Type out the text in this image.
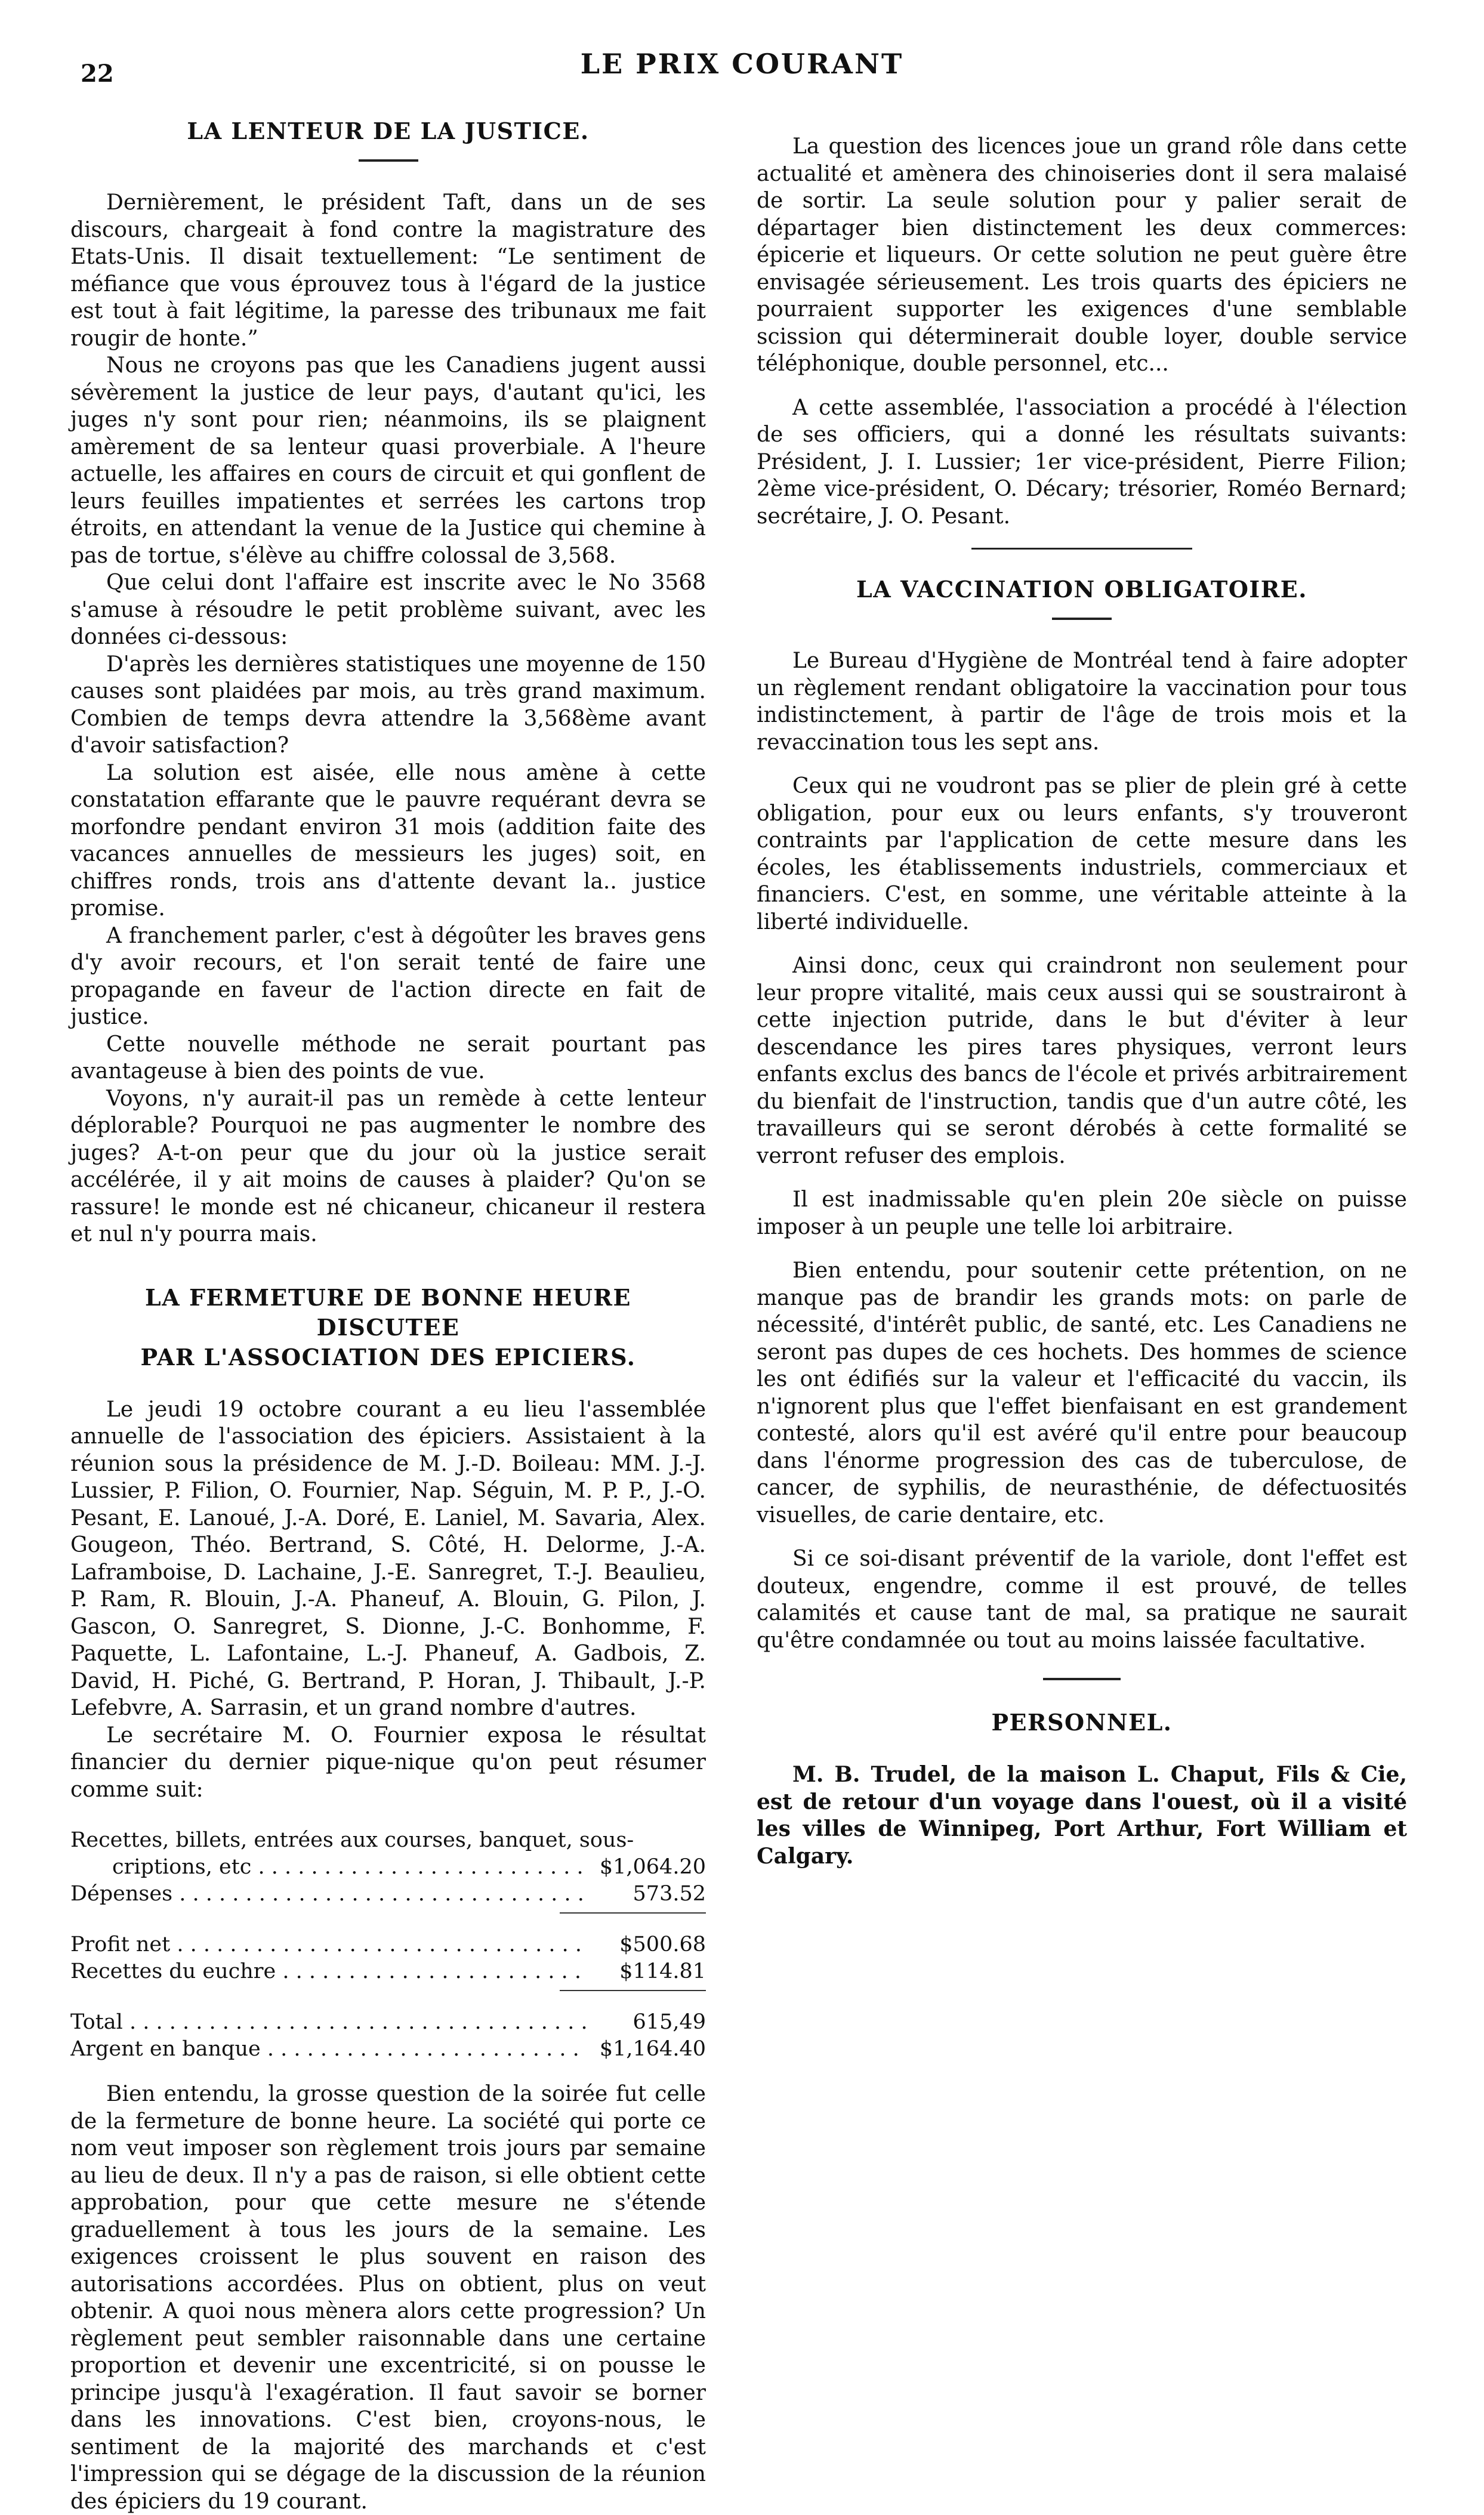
22	LE PRIX COURANT
LA LENTEUR DE LA JUSTICE.

Dernièrement, le président Taft, dans un de ses discours, chargeait à fond contre la magistrature des Etats-Unis. Il disait textuellement: “Le sentiment de méfiance que vous éprouvez tous à l'égard de la justice est tout à fait légitime, la paresse des tribunaux me fait rougir de honte.”

Nous ne croyons pas que les Canadiens jugent aussi sévèrement la justice de leur pays, d'autant qu'ici, les juges n'y sont pour rien; néanmoins, ils se plaignent amèrement de sa lenteur quasi proverbiale. A l'heure actuelle, les affaires en cours de circuit et qui gonflent de leurs feuilles impatientes et serrées les cartons trop étroits, en attendant la venue de la Justice qui chemine à pas de tortue, s'élève au chiffre colossal de 3,568.

Que celui dont l'affaire est inscrite avec le No 3568 s'amuse à résoudre le petit problème suivant, avec les données ci-dessous:

D'après les dernières statistiques une moyenne de 150 causes sont plaidées par mois, au très grand maximum. Combien de temps devra attendre la 3,568ème avant d'avoir satisfaction?

La solution est aisée, elle nous amène à cette constatation effarante que le pauvre requérant devra se morfondre pendant environ 31 mois (addition faite des vacances annuelles de messieurs les juges) soit, en chiffres ronds, trois ans d'attente devant la.. justice promise.

A franchement parler, c'est à dégoûter les braves gens d'y avoir recours, et l'on serait tenté de faire une propagande en faveur de l'action directe en fait de justice.

Cette nouvelle méthode ne serait pourtant pas avantageuse à bien des points de vue.

Voyons, n'y aurait-il pas un remède à cette lenteur déplorable? Pourquoi ne pas augmenter le nombre des juges? A-t-on peur que du jour où la justice serait accélérée, il y ait moins de causes à plaider? Qu'on se rassure! le monde est né chicaneur, chicaneur il restera et nul n'y pourra mais.

LA FERMETURE DE BONNE HEURE DISCUTEE
PAR L'ASSOCIATION DES EPICIERS.

Le jeudi 19 octobre courant a eu lieu l'assemblée annuelle de l'association des épiciers. Assistaient à la réunion sous la présidence de M. J.-D. Boileau: MM. J.-J. Lussier, P. Filion, O. Fournier, Nap. Séguin, M. P. P., J.-O. Pesant, E. Lanoué, J.-A. Doré, E. Laniel, M. Savaria, Alex. Gougeon, Théo. Bertrand, S. Côté, H. Delorme, J.-A. Laframboise, D. Lachaine, J.-E. Sanregret, T.-J. Beaulieu, P. Ram, R. Blouin, J.-A. Phaneuf, A. Blouin, G. Pilon, J. Gascon, O. Sanregret, S. Dionne, J.-C. Bonhomme, F. Paquette, L. Lafontaine, L.-J. Phaneuf, A. Gadbois, Z. David, H. Piché, G. Bertrand, P. Horan, J. Thibault, J.-P. Lefebvre, A. Sarrasin, et un grand nombre d'autres.

Le secrétaire M. O. Fournier exposa le résultat financier du dernier pique-nique qu'on peut résumer comme suit:

Recettes, billets, entrées aux courses, banquet, sous-
criptions, etc . . .	$1,064.20
Dépenses . . .	573.52
Profit net . . .	$500.68
Recettes du euchre . . .	$114.81
Total . . .	615,49
Argent en banque . . .	$1,164.40

Bien entendu, la grosse question de la soirée fut celle de la fermeture de bonne heure. La société qui porte ce nom veut imposer son règlement trois jours par semaine au lieu de deux. Il n'y a pas de raison, si elle obtient cette approbation, pour que cette mesure ne s'étende graduellement à tous les jours de la semaine. Les exigences croissent le plus souvent en raison des autorisations accordées. Plus on obtient, plus on veut obtenir. A quoi nous mènera alors cette progression? Un règlement peut sembler raisonnable dans une certaine proportion et devenir une excentricité, si on pousse le principe jusqu'à l'exagération. Il faut savoir se borner dans les innovations. C'est bien, croyons-nous, le sentiment de la majorité des marchands et c'est l'impression qui se dégage de la discussion de la réunion des épiciers du 19 courant.

La question des licences joue un grand rôle dans cette actualité et amènera des chinoiseries dont il sera malaisé de sortir. La seule solution pour y palier serait de départager bien distinctement les deux commerces: épicerie et liqueurs. Or cette solution ne peut guère être envisagée sérieusement. Les trois quarts des épiciers ne pourraient supporter les exigences d'une semblable scission qui déterminerait double loyer, double service téléphonique, double personnel, etc...

A cette assemblée, l'association a procédé à l'élection de ses officiers, qui a donné les résultats suivants: Président, J. I. Lussier; 1er vice-président, Pierre Filion; 2ème vice-président, O. Décary; trésorier, Roméo Bernard; secrétaire, J. O. Pesant.

LA VACCINATION OBLIGATOIRE.

Le Bureau d'Hygiène de Montréal tend à faire adopter un règlement rendant obligatoire la vaccination pour tous indistinctement, à partir de l'âge de trois mois et la revaccination tous les sept ans.

Ceux qui ne voudront pas se plier de plein gré à cette obligation, pour eux ou leurs enfants, s'y trouveront contraints par l'application de cette mesure dans les écoles, les établissements industriels, commerciaux et financiers. C'est, en somme, une véritable atteinte à la liberté individuelle.

Ainsi donc, ceux qui craindront non seulement pour leur propre vitalité, mais ceux aussi qui se soustrairont à cette injection putride, dans le but d'éviter à leur descendance les pires tares physiques, verront leurs enfants exclus des bancs de l'école et privés arbitrairement du bienfait de l'instruction, tandis que d'un autre côté, les travailleurs qui se seront dérobés à cette formalité se verront refuser des emplois.

Il est inadmissable qu'en plein 20e siècle on puisse imposer à un peuple une telle loi arbitraire.

Bien entendu, pour soutenir cette prétention, on ne manque pas de brandir les grands mots: on parle de nécessité, d'intérêt public, de santé, etc. Les Canadiens ne seront pas dupes de ces hochets. Des hommes de science les ont édifiés sur la valeur et l'efficacité du vaccin, ils n'ignorent plus que l'effet bienfaisant en est grandement contesté, alors qu'il est avéré qu'il entre pour beaucoup dans l'énorme progression des cas de tuberculose, de cancer, de syphilis, de neurasthénie, de défectuosités visuelles, de carie dentaire, etc.

Si ce soi-disant préventif de la variole, dont l'effet est douteux, engendre, comme il est prouvé, de telles calamités et cause tant de mal, sa pratique ne saurait qu'être condamnée ou tout au moins laissée facultative.

PERSONNEL.

M. B. Trudel, de la maison L. Chaput, Fils & Cie, est de retour d'un voyage dans l'ouest, où il a visité les villes de Winnipeg, Port Arthur, Fort William et Calgary.
